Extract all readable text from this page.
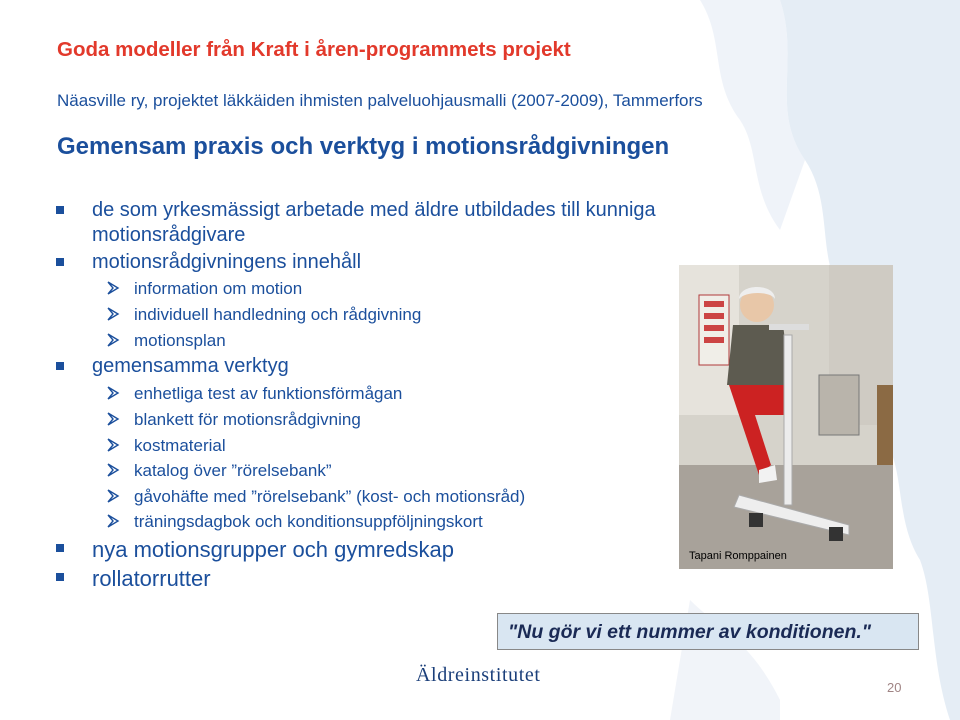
Goda modeller från Kraft i åren-programmets projekt
Näasville ry, projektet läkkäiden ihmisten palveluohjausmalli (2007-2009), Tammerfors
Gemensam praxis och verktyg i motionsrådgivningen
de som yrkesmässigt arbetade med äldre utbildades till kunniga
motionsrådgivare
motionsrådgivningens innehåll
information om motion
individuell handledning och rådgivning
motionsplan
gemensamma verktyg
enhetliga test av funktionsförmågan
blankett för motionsrådgivning
kostmaterial
katalog över ”rörelsebank”
gåvohäfte med ”rörelsebank” (kost- och motionsråd)
träningsdagbok och konditionsuppföljningskort
nya motionsgrupper och gymredskap
rollatorrutter
Tapani Romppainen
"Nu gör vi ett nummer av konditionen."
Äldreinstitutet
20
